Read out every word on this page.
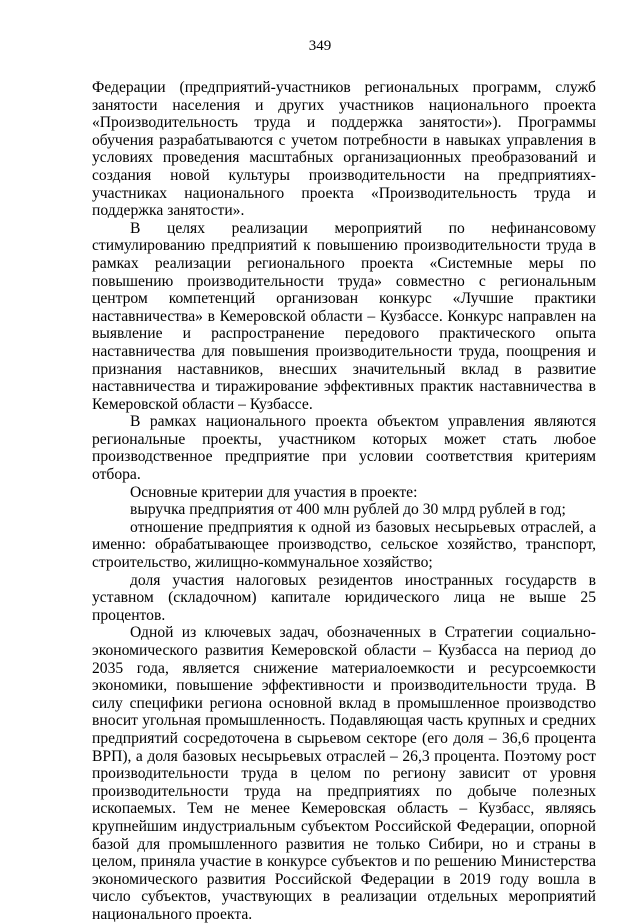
349

Федерации (предприятий-участников региональных программ, служб занятости населения и других участников национального проекта «Производительность труда и поддержка занятости»). Программы обучения разрабатываются с учетом потребности в навыках управления в условиях проведения масштабных организационных преобразований и создания новой культуры производительности на предприятиях-участниках национального проекта «Производительность труда и поддержка занятости».

В целях реализации мероприятий по нефинансовому стимулированию предприятий к повышению производительности труда в рамках реализации регионального проекта «Системные меры по повышению производительности труда» совместно с региональным центром компетенций организован конкурс «Лучшие практики наставничества» в Кемеровской области – Кузбассе. Конкурс направлен на выявление и распространение передового практического опыта наставничества для повышения производительности труда, поощрения и признания наставников, внесших значительный вклад в развитие наставничества и тиражирование эффективных практик наставничества в Кемеровской области – Кузбассе.

В рамках национального проекта объектом управления являются региональные проекты, участником которых может стать любое производственное предприятие при условии соответствия критериям отбора.

Основные критерии для участия в проекте:

выручка предприятия от 400 млн рублей до 30 млрд рублей в год;

отношение предприятия к одной из базовых несырьевых отраслей, а именно: обрабатывающее производство, сельское хозяйство, транспорт, строительство, жилищно-коммунальное хозяйство;

доля участия налоговых резидентов иностранных государств в уставном (складочном) капитале юридического лица не выше 25 процентов.

Одной из ключевых задач, обозначенных в Стратегии социально-экономического развития Кемеровской области – Кузбасса на период до 2035 года, является снижение материалоемкости и ресурсоемкости экономики, повышение эффективности и производительности труда. В силу специфики региона основной вклад в промышленное производство вносит угольная промышленность. Подавляющая часть крупных и средних предприятий сосредоточена в сырьевом секторе (его доля – 36,6 процента ВРП), а доля базовых несырьевых отраслей – 26,3 процента. Поэтому рост производительности труда в целом по региону зависит от уровня производительности труда на предприятиях по добыче полезных ископаемых. Тем не менее Кемеровская область – Кузбасс, являясь крупнейшим индустриальным субъектом Российской Федерации, опорной базой для промышленного развития не только Сибири, но и страны в целом, приняла участие в конкурсе субъектов и по решению Министерства экономического развития Российской Федерации в 2019 году вошла в число субъектов, участвующих в реализации отдельных мероприятий национального проекта.
